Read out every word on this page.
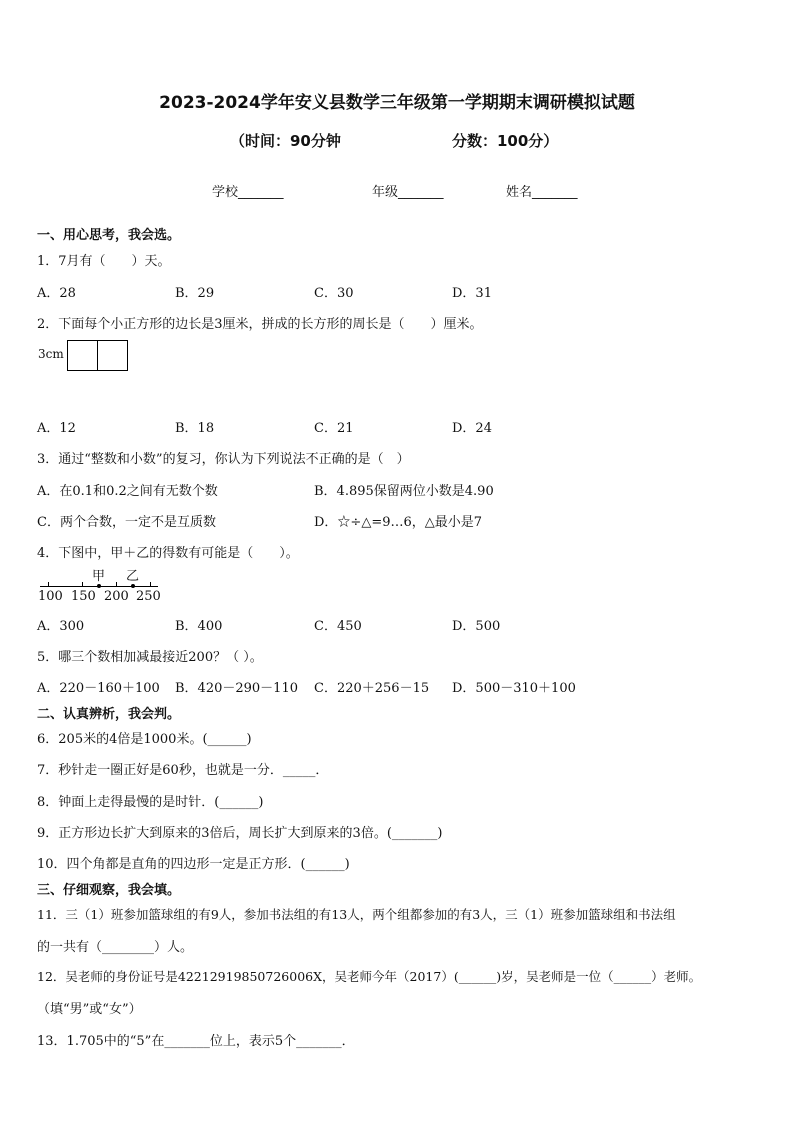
2023-2024学年安义县数学三年级第一学期期末调研模拟试题
（时间：90分钟	分数：100分）
学校_______	年级_______	姓名_______
一、用心思考，我会选。
1．7月有（　　）天。
A．28	B．29	C．30	D．31
2．下面每个小正方形的边长是3厘米，拼成的长方形的周长是（　　）厘米。
3cm
A．12	B．18	C．21	D．24
3．通过“整数和小数”的复习，你认为下列说法不正确的是（　）
A．在0.1和0.2之间有无数个数	B．4.895保留两位小数是4.90
C．两个合数，一定不是互质数	D．☆÷△=9…6，△最小是7
4．下图中，甲＋乙的得数有可能是（　　）。
甲 乙
100 150 200 250
A．300	B．400	C．450	D．500
5．哪三个数相加减最接近200？（ ）。
A．220－160＋100 B．420－290－110 C．220＋256－15 D．500－310＋100
二、认真辨析，我会判。
6．205米的4倍是1000米。(______)
7．秒针走一圈正好是60秒，也就是一分．_____．
8．钟面上走得最慢的是时针．(______)
9．正方形边长扩大到原来的3倍后，周长扩大到原来的3倍。(_______)
10．四个角都是直角的四边形一定是正方形．(______)
三、仔细观察，我会填。
11．三（1）班参加篮球组的有9人，参加书法组的有13人，两个组都参加的有3人，三（1）班参加篮球组和书法组
的一共有（________）人。
12．吴老师的身份证号是42212919850726006X，吴老师今年（2017）(______)岁，吴老师是一位（______）老师。
（填“男”或“女”）
13．1.705中的“5”在_______位上，表示5个_______．
